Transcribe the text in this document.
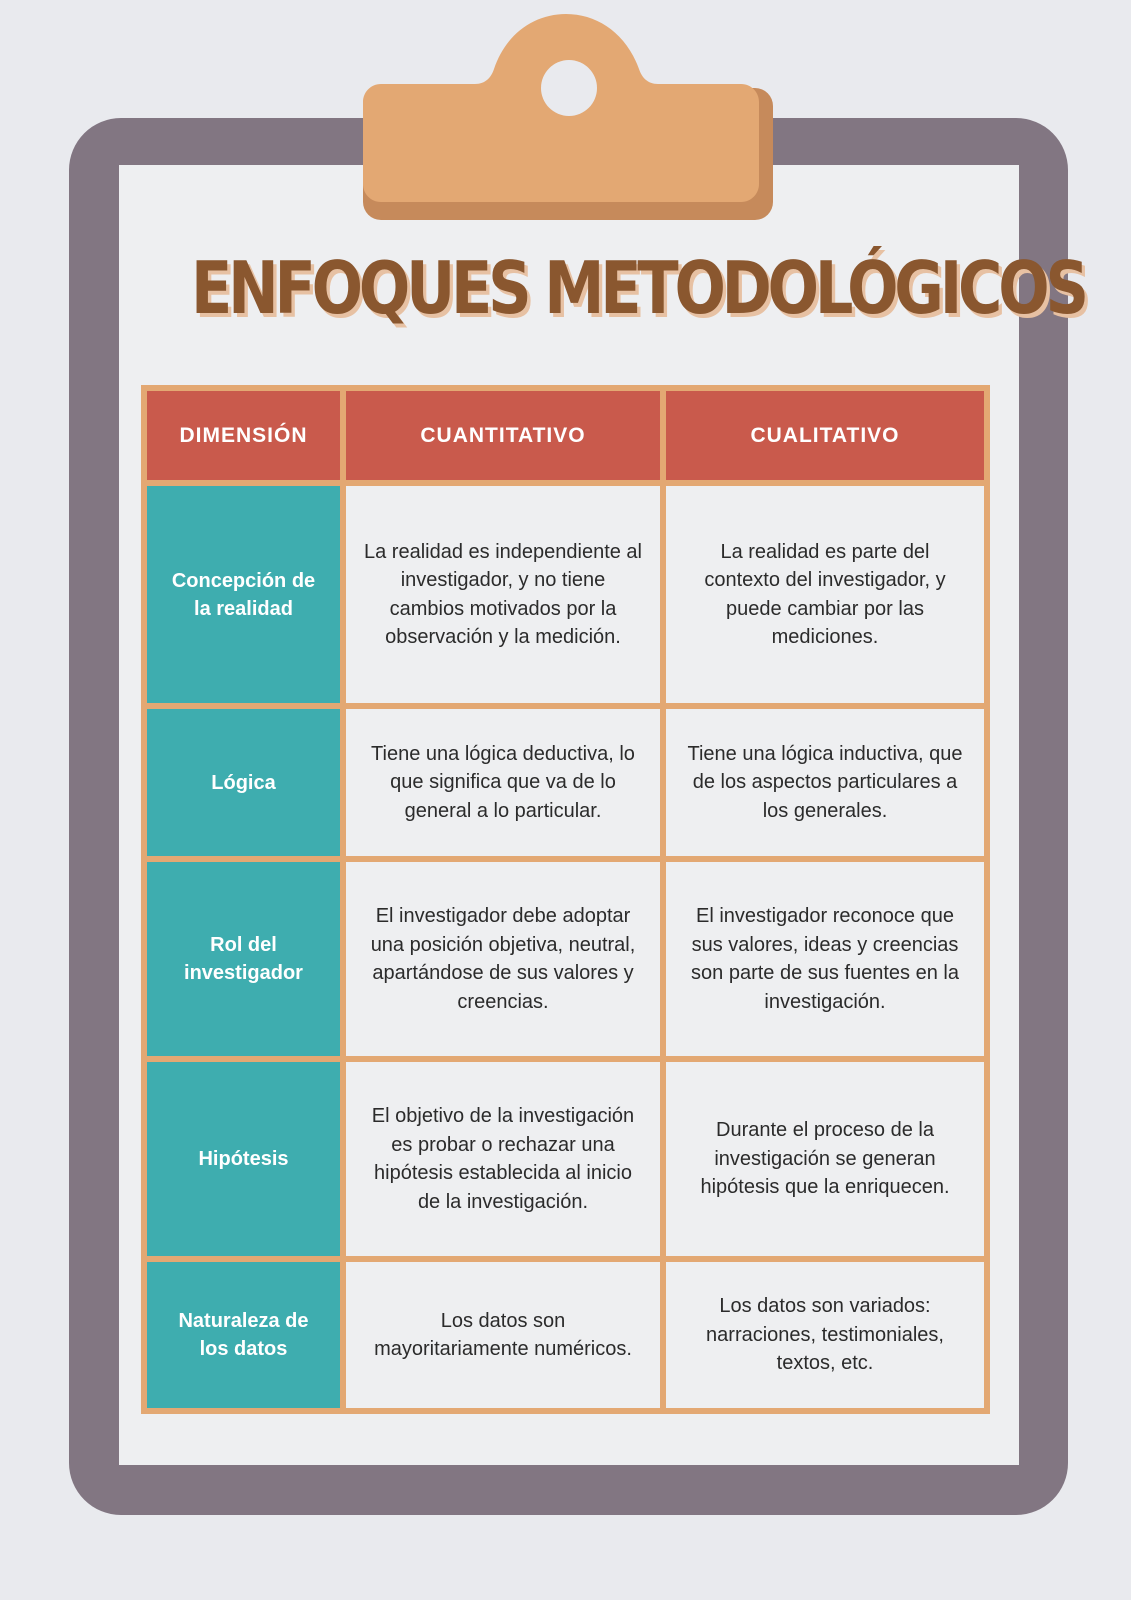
ENFOQUES METODOLÓGICOS
DIMENSIÓN	CUANTITATIVO	CUALITATIVO
Concepción de la realidad
La realidad es independiente al investigador, y no tiene cambios motivados por la observación y la medición.
La realidad es parte del contexto del investigador, y puede cambiar por las mediciones.
Lógica
Tiene una lógica deductiva, lo que significa que va de lo general a lo particular.
Tiene una lógica inductiva, que de los aspectos particulares a los generales.
Rol del investigador
El investigador debe adoptar una posición objetiva, neutral, apartándose de sus valores y creencias.
El investigador reconoce que sus valores, ideas y creencias son parte de sus fuentes en la investigación.
Hipótesis
El objetivo de la investigación es probar o rechazar una hipótesis establecida al inicio de la investigación.
Durante el proceso de la investigación se generan hipótesis que la enriquecen.
Naturaleza de los datos
Los datos son mayoritariamente numéricos.
Los datos son variados: narraciones, testimoniales, textos, etc.
